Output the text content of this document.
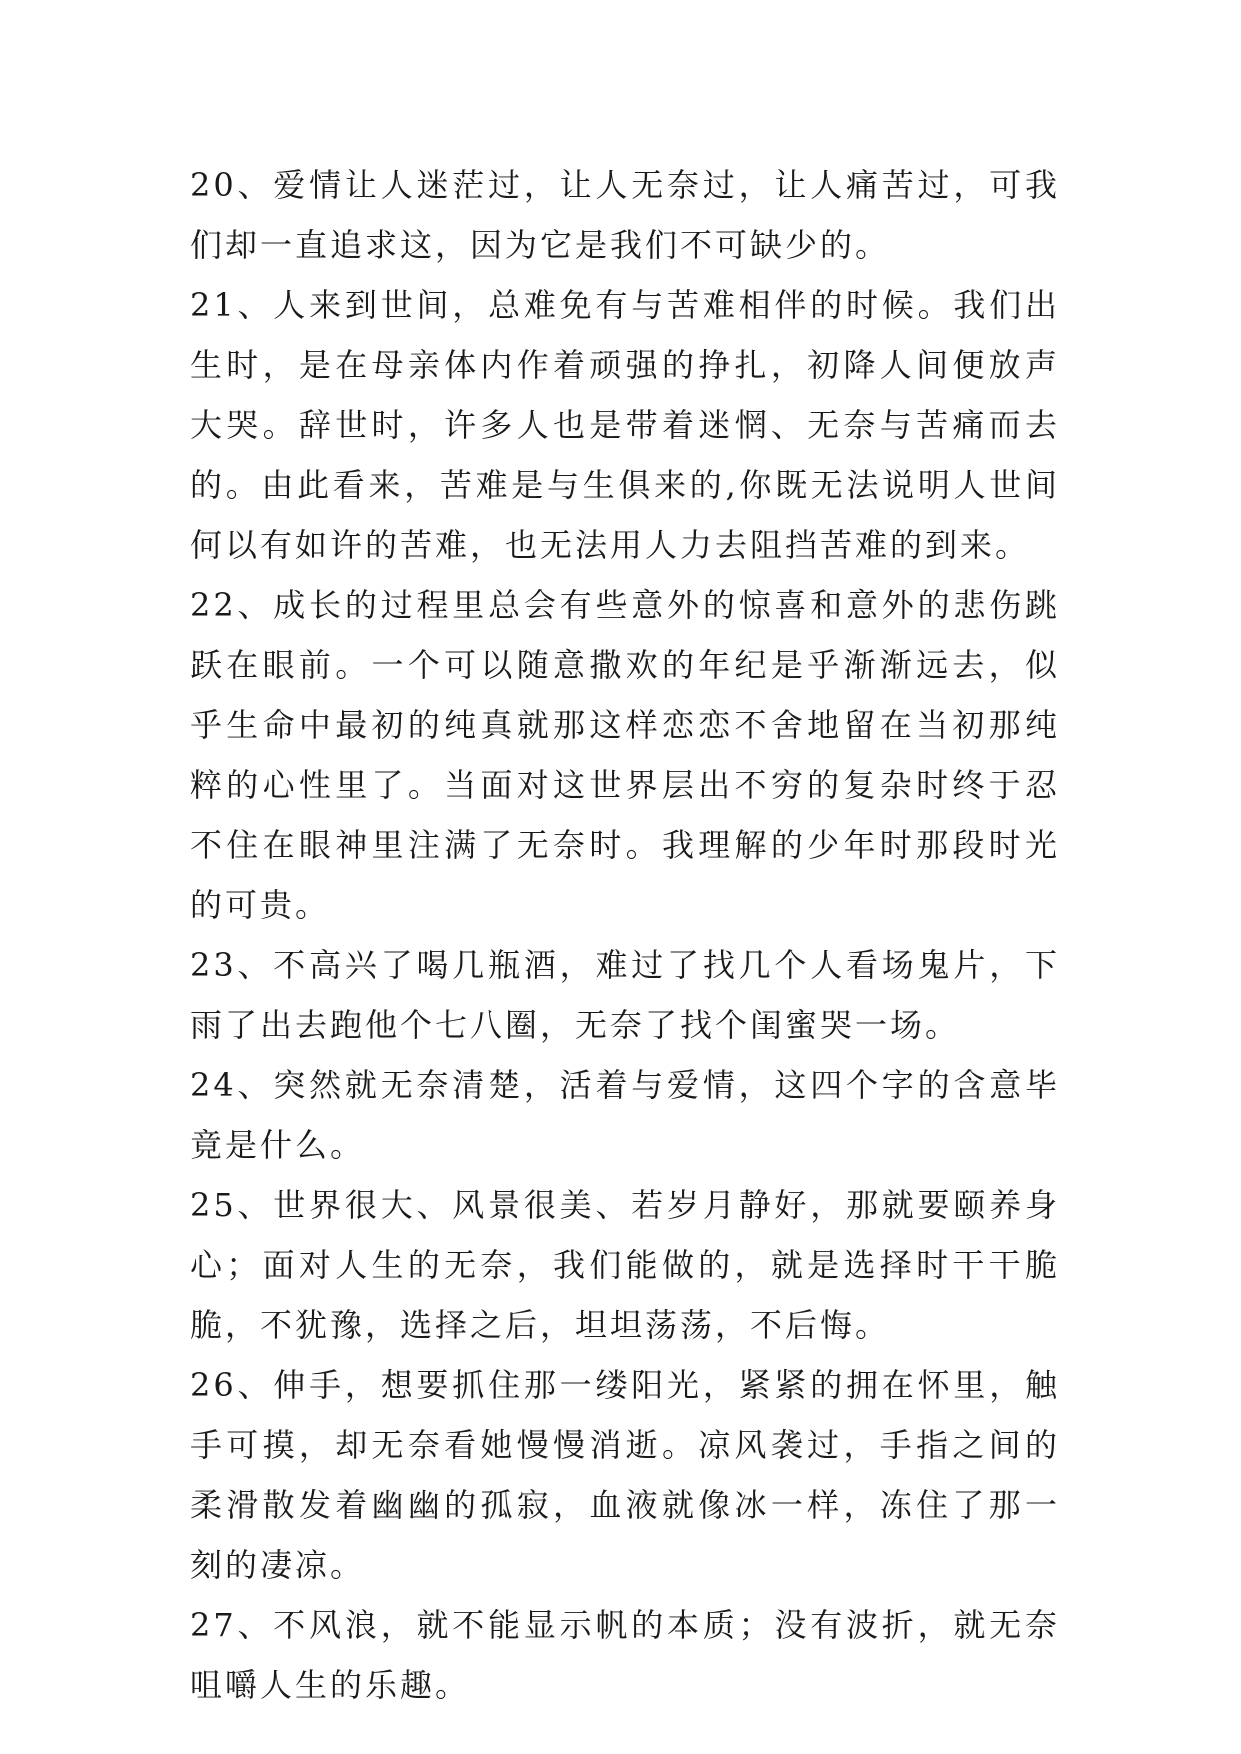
20、爱情让人迷茫过，让人无奈过，让人痛苦过，可我们却一直追求这，因为它是我们不可缺少的。

21、人来到世间，总难免有与苦难相伴的时候。我们出生时，是在母亲体内作着顽强的挣扎，初降人间便放声大哭。辞世时，许多人也是带着迷惘、无奈与苦痛而去的。由此看来，苦难是与生俱来的,你既无法说明人世间何以有如许的苦难，也无法用人力去阻挡苦难的到来。

22、成长的过程里总会有些意外的惊喜和意外的悲伤跳跃在眼前。一个可以随意撒欢的年纪是乎渐渐远去，似乎生命中最初的纯真就那这样恋恋不舍地留在当初那纯粹的心性里了。当面对这世界层出不穷的复杂时终于忍不住在眼神里注满了无奈时。我理解的少年时那段时光的可贵。

23、不高兴了喝几瓶酒，难过了找几个人看场鬼片，下雨了出去跑他个七八圈，无奈了找个闺蜜哭一场。

24、突然就无奈清楚，活着与爱情，这四个字的含意毕竟是什么。

25、世界很大、风景很美、若岁月静好，那就要颐养身心；面对人生的无奈，我们能做的，就是选择时干干脆脆，不犹豫，选择之后，坦坦荡荡，不后悔。

26、伸手，想要抓住那一缕阳光，紧紧的拥在怀里，触手可摸，却无奈看她慢慢消逝。凉风袭过，手指之间的柔滑散发着幽幽的孤寂，血液就像冰一样，冻住了那一刻的凄凉。

27、不风浪，就不能显示帆的本质；没有波折，就无奈咀嚼人生的乐趣。
